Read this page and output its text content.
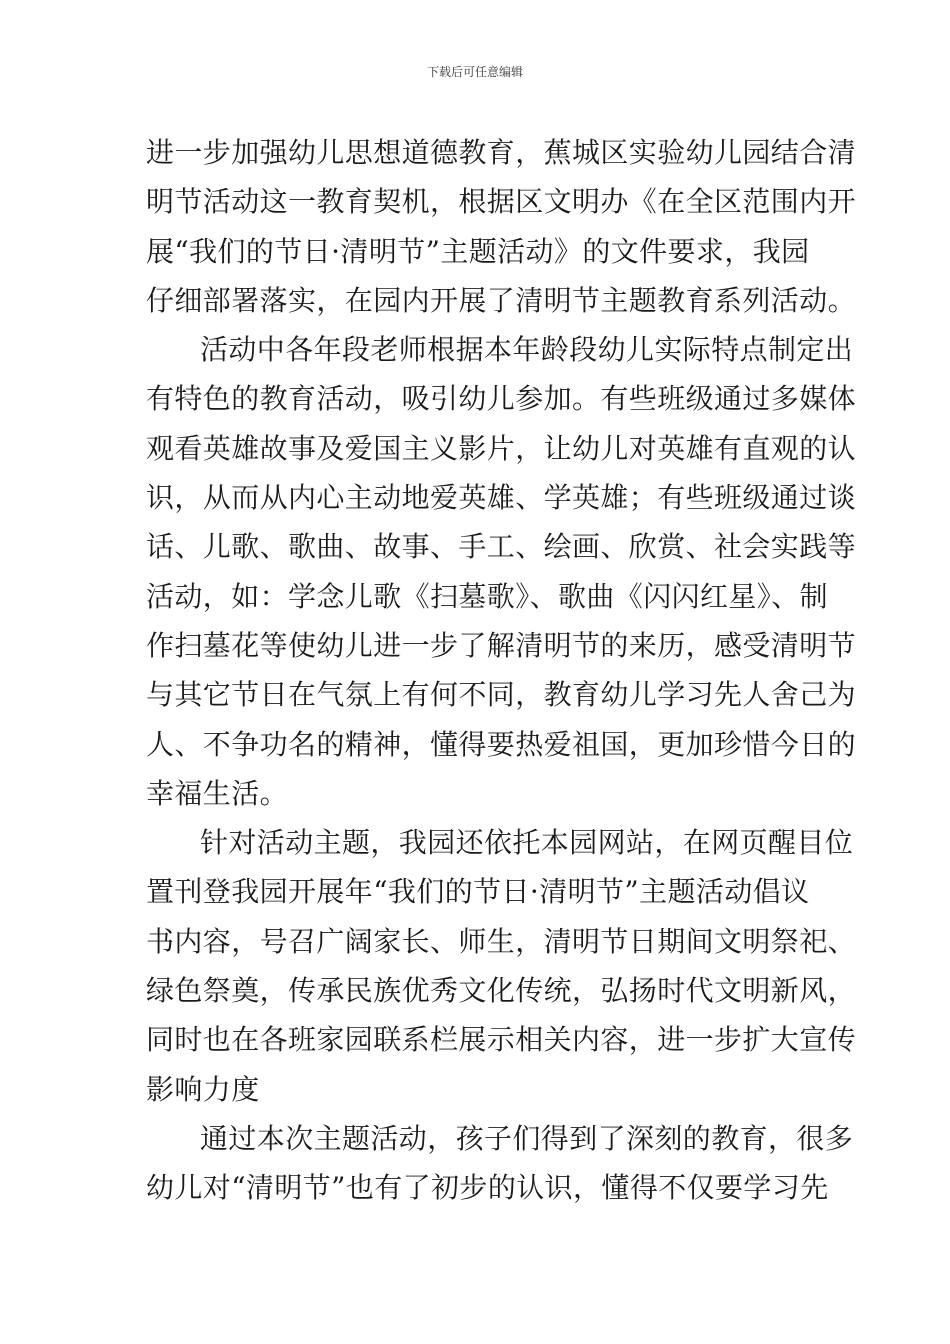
下载后可任意编辑
进一步加强幼儿思想道德教育，蕉城区实验幼儿园结合清
明节活动这一教育契机，根据区文明办《在全区范围内开
展“我们的节日·清明节”主题活动》的文件要求，我园
仔细部署落实，在园内开展了清明节主题教育系列活动。
活动中各年段老师根据本年龄段幼儿实际特点制定出
有特色的教育活动，吸引幼儿参加。有些班级通过多媒体
观看英雄故事及爱国主义影片，让幼儿对英雄有直观的认
识，从而从内心主动地爱英雄、学英雄；有些班级通过谈
话、儿歌、歌曲、故事、手工、绘画、欣赏、社会实践等
活动，如：学念儿歌《扫墓歌》、歌曲《闪闪红星》、制
作扫墓花等使幼儿进一步了解清明节的来历，感受清明节
与其它节日在气氛上有何不同，教育幼儿学习先人舍己为
人、不争功名的精神，懂得要热爱祖国，更加珍惜今日的
幸福生活。
针对活动主题，我园还依托本园网站，在网页醒目位
置刊登我园开展年“我们的节日·清明节”主题活动倡议
书内容，号召广阔家长、师生，清明节日期间文明祭祀、
绿色祭奠，传承民族优秀文化传统，弘扬时代文明新风，
同时也在各班家园联系栏展示相关内容，进一步扩大宣传
影响力度
通过本次主题活动，孩子们得到了深刻的教育，很多
幼儿对“清明节”也有了初步的认识，懂得不仅要学习先
